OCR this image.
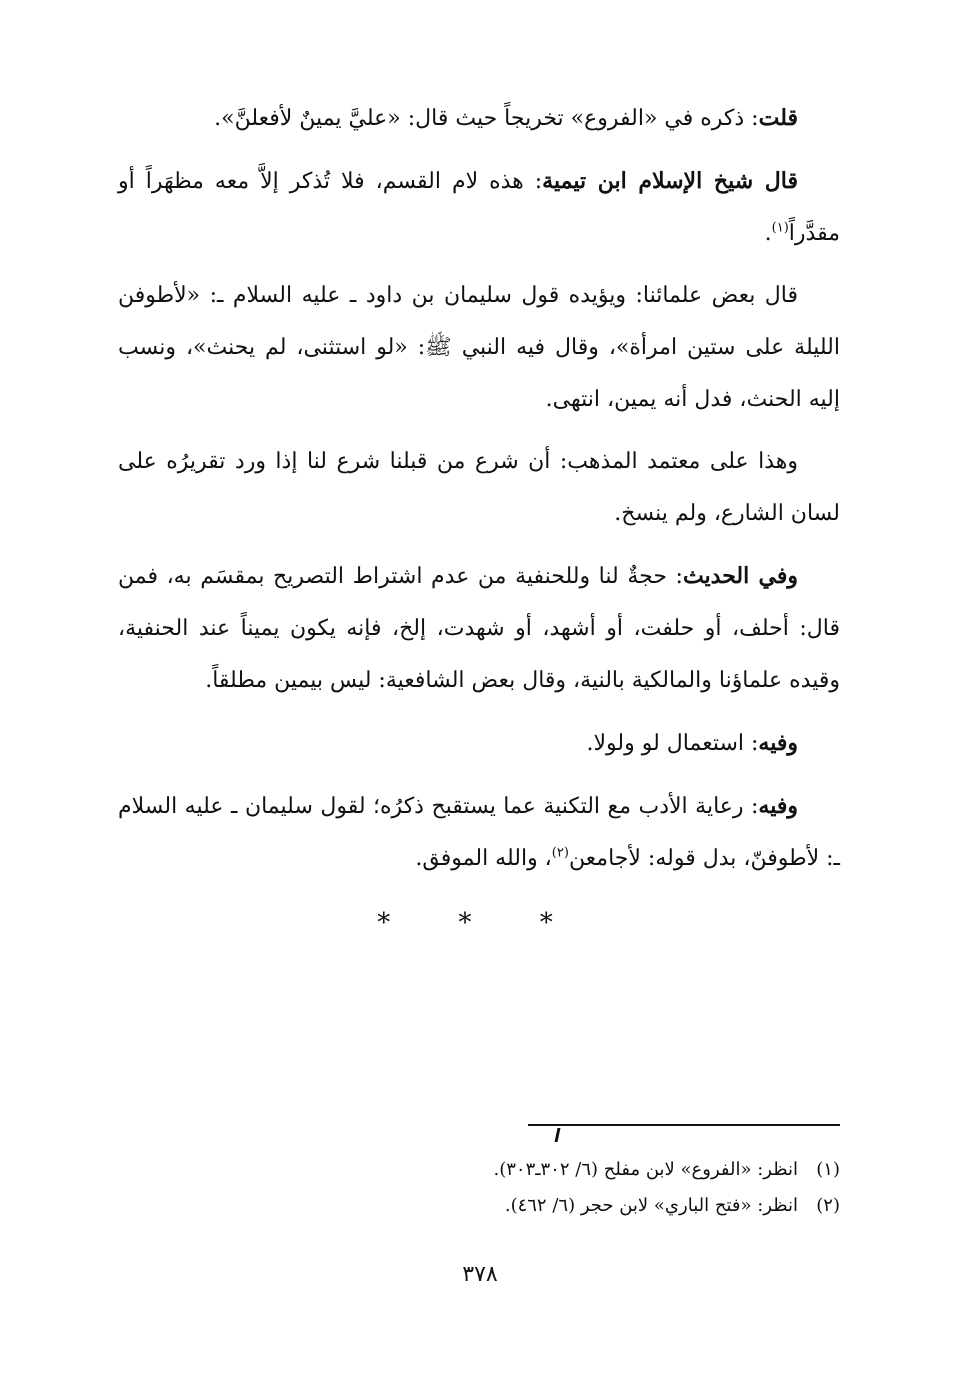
قلت: ذكره في «الفروع» تخريجاً حيث قال: «عليَّ يمينٌ لأفعلنَّ».

قال شيخ الإسلام ابن تيمية: هذه لام القسم، فلا تُذكر إلاَّ معه مظهَراً أو مقدَّراً$^{(١)}$.

قال بعض علمائنا: ويؤيده قول سليمان بن داود ـ عليه السلام ـ: «لأطوفن الليلة على ستين امرأة»، وقال فيه النبي ﷺ: «لو استثنى، لم يحنث»، ونسب إليه الحنث، فدل أنه يمين، انتهى.

وهذا على معتمد المذهب: أن شرع من قبلنا شرع لنا إذا ورد تقريرُه على لسان الشارع، ولم ينسخ.

وفي الحديث: حجةٌ لنا وللحنفية من عدم اشتراط التصريح بمقسَم به، فمن قال: أحلف، أو حلفت، أو أشهد، أو شهدت، إلخ، فإنه يكون يميناً عند الحنفية، وقيده علماؤنا والمالكية بالنية، وقال بعض الشافعية: ليس بيمين مطلقاً.

وفيه: استعمال لو ولولا.

وفيه: رعاية الأدب مع التكنية عما يستقبح ذكرُه؛ لقول سليمان ـ عليه السلام ـ: لأطوفنّ، بدل قوله: لأجامعن$^{(٢)}$، والله الموفق.

* * *

(١)انظر: «الفروع» لابن مفلح (٦/ ٣٠٢ـ٣٠٣).

(٢)انظر: «فتح الباري» لابن حجر (٦/ ٤٦٢).

٣٧٨
